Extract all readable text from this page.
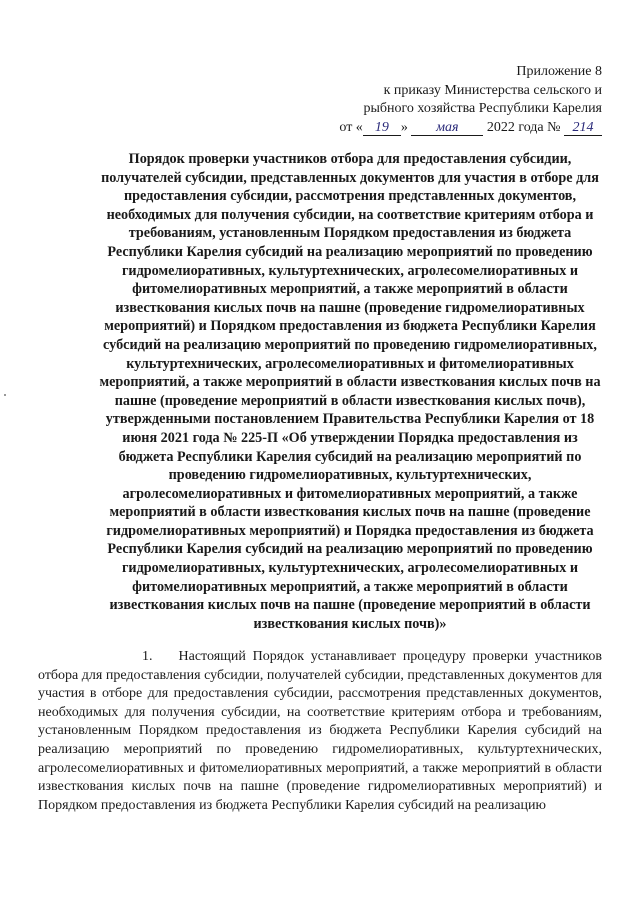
Приложение 8
к приказу Министерства сельского и
рыбного хозяйства Республики Карелия
от « 19 » мая 2022 года № 214

Порядок проверки участников отбора для предоставления субсидии, получателей субсидии, представленных документов для участия в отборе для предоставления субсидии, рассмотрения представленных документов, необходимых для получения субсидии, на соответствие критериям отбора и требованиям, установленным Порядком предоставления из бюджета Республики Карелия субсидий на реализацию мероприятий по проведению гидромелиоративных, культуртехнических, агролесомелиоративных и фитомелиоративных мероприятий, а также мероприятий в области известкования кислых почв на пашне (проведение гидромелиоративных мероприятий) и Порядком предоставления из бюджета Республики Карелия субсидий на реализацию мероприятий по проведению гидромелиоративных, культуртехнических, агролесомелиоративных и фитомелиоративных мероприятий, а также мероприятий в области известкования кислых почв на пашне (проведение мероприятий в области известкования кислых почв), утвержденными постановлением Правительства Республики Карелия от 18 июня 2021 года № 225-П «Об утверждении Порядка предоставления из бюджета Республики Карелия субсидий на реализацию мероприятий по проведению гидромелиоративных, культуртехнических, агролесомелиоративных и фитомелиоративных мероприятий, а также мероприятий в области известкования кислых почв на пашне (проведение гидромелиоративных мероприятий) и Порядка предоставления из бюджета Республики Карелия субсидий на реализацию мероприятий по проведению гидромелиоративных, культуртехнических, агролесомелиоративных и фитомелиоративных мероприятий, а также мероприятий в области известкования кислых почв на пашне (проведение мероприятий в области известкования кислых почв)»

1. Настоящий Порядок устанавливает процедуру проверки участников отбора для предоставления субсидии, получателей субсидии, представленных документов для участия в отборе для предоставления субсидии, рассмотрения представленных документов, необходимых для получения субсидии, на соответствие критериям отбора и требованиям, установленным Порядком предоставления из бюджета Республики Карелия субсидий на реализацию мероприятий по проведению гидромелиоративных, культуртехнических, агролесомелиоративных и фитомелиоративных мероприятий, а также мероприятий в области известкования кислых почв на пашне (проведение гидромелиоративных мероприятий) и Порядком предоставления из бюджета Республики Карелия субсидий на реализацию
